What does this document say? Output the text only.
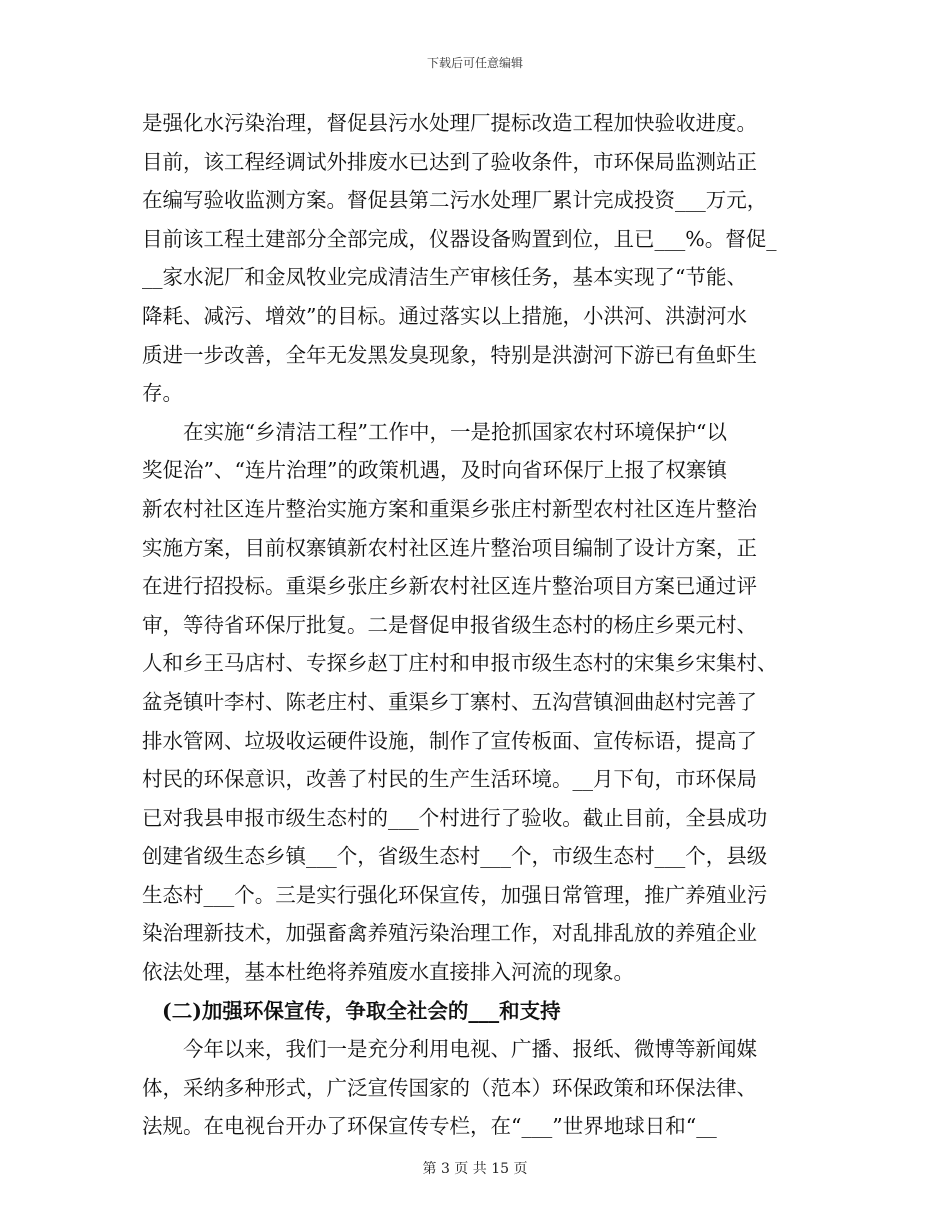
下载后可任意编辑
是强化水污染治理，督促县污水处理厂提标改造工程加快验收进度。
目前，该工程经调试外排废水已达到了验收条件，市环保局监测站正
在编写验收监测方案。督促县第二污水处理厂累计完成投资___万元，
目前该工程土建部分全部完成，仪器设备购置到位，且已___%。督促_
__家水泥厂和金凤牧业完成清洁生产审核任务，基本实现了“节能、
降耗、减污、增效”的目标。通过落实以上措施，小洪河、洪澍河水
质进一步改善，全年无发黑发臭现象，特别是洪澍河下游已有鱼虾生
存。
在实施“乡清洁工程”工作中，一是抢抓国家农村环境保护“以
奖促治”、“连片治理”的政策机遇，及时向省环保厅上报了权寨镇
新农村社区连片整治实施方案和重渠乡张庄村新型农村社区连片整治
实施方案，目前权寨镇新农村社区连片整治项目编制了设计方案，正
在进行招投标。重渠乡张庄乡新农村社区连片整治项目方案已通过评
审，等待省环保厅批复。二是督促申报省级生态村的杨庄乡栗元村、
人和乡王马店村、专探乡赵丁庄村和申报市级生态村的宋集乡宋集村、
盆尧镇叶李村、陈老庄村、重渠乡丁寨村、五沟营镇洄曲赵村完善了
排水管网、垃圾收运硬件设施，制作了宣传板面、宣传标语，提高了
村民的环保意识，改善了村民的生产生活环境。__月下旬，市环保局
已对我县申报市级生态村的___个村进行了验收。截止目前，全县成功
创建省级生态乡镇___个，省级生态村___个，市级生态村___个，县级
生态村___个。三是实行强化环保宣传，加强日常管理，推广养殖业污
染治理新技术，加强畜禽养殖污染治理工作，对乱排乱放的养殖企业
依法处理，基本杜绝将养殖废水直接排入河流的现象。
(二)加强环保宣传，争取全社会的___和支持
今年以来，我们一是充分利用电视、广播、报纸、微博等新闻媒
体，采纳多种形式，广泛宣传国家的（范本）环保政策和环保法律、
法规。在电视台开办了环保宣传专栏，在“___”世界地球日和“__
第 3 页 共 15 页
